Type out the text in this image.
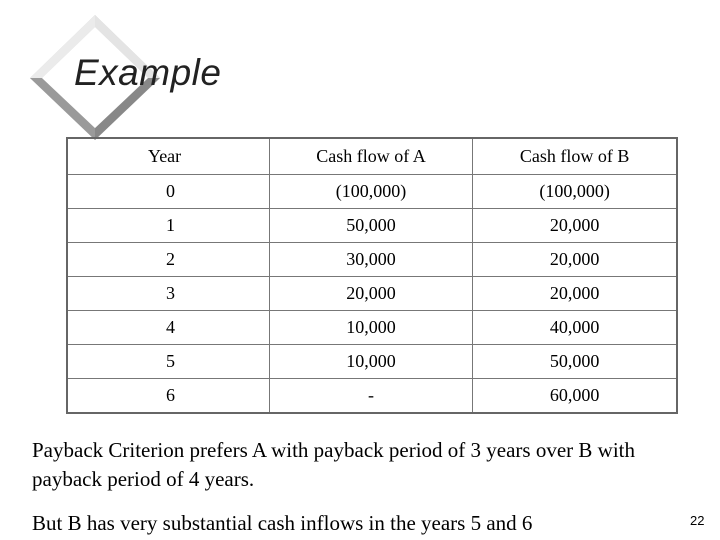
Example
Year	Cash flow of A	Cash flow of B
0	(100,000)	(100,000)
1	50,000	20,000
2	30,000	20,000
3	20,000	20,000
4	10,000	40,000
5	10,000	50,000
6	-	60,000
Payback Criterion prefers A with payback period of 3 years over B with payback period of 4 years.
But B has very substantial cash inflows in the years 5 and 6	22
